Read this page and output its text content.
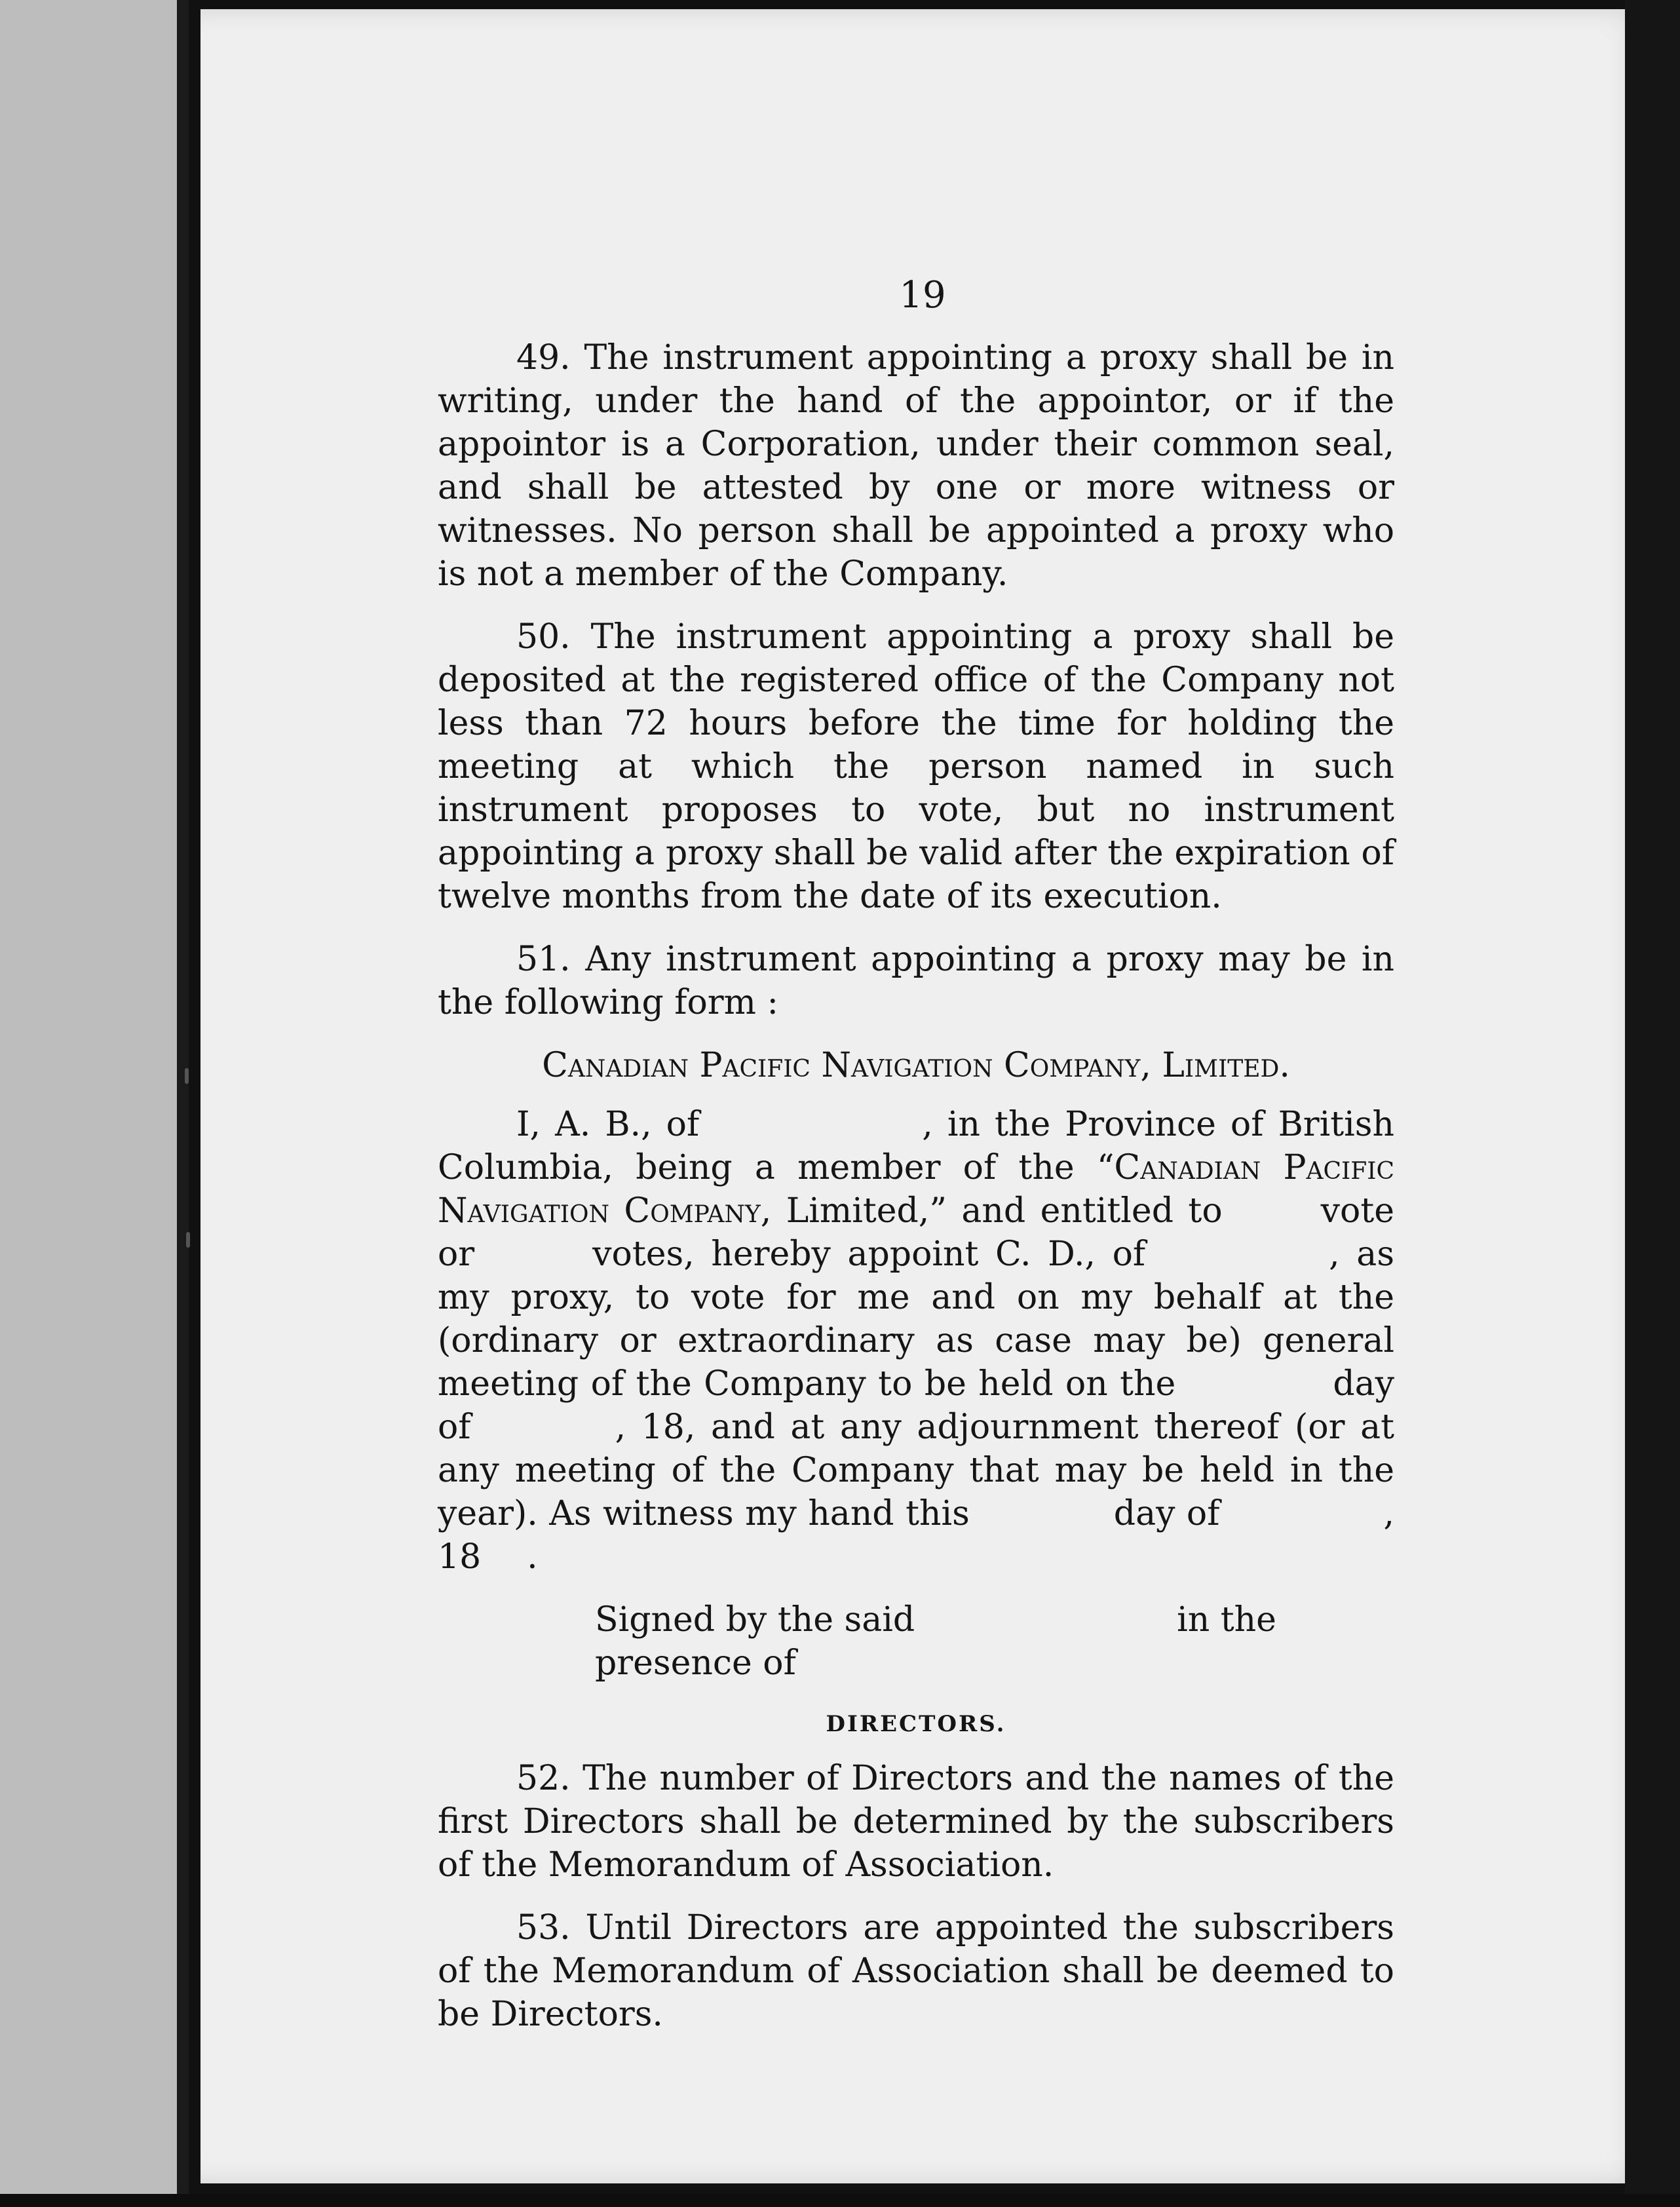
19

49. The instrument appointing a proxy shall be in writing, under the hand of the appointor, or if the appointor is a Corporation, under their common seal, and shall be attested by one or more witness or witnesses. No person shall be appointed a proxy who is not a member of the Company.

50. The instrument appointing a proxy shall be deposited at the registered office of the Company not less than 72 hours before the time for holding the meeting at which the person named in such instrument proposes to vote, but no instrument appointing a proxy shall be valid after the expiration of twelve months from the date of its execution.

51. Any instrument appointing a proxy may be in the following form :

Canadian Pacific Navigation Company, Limited.

I, A. B., of	, in the Province of British Columbia, being a member of the “Canadian Pacific Navigation Company, Limited,” and entitled to	vote or	votes, hereby appoint C. D., of	, as my proxy, to vote for me and on my behalf at the (ordinary or extraordinary as case may be) general meeting of the Company to be held on the	day of	, 18, and at any adjournment thereof (or at any meeting of the Company that may be held in the year). As witness my hand this	day of	, 18 .

Signed by the said	in the presence of

DIRECTORS.

52. The number of Directors and the names of the first Directors shall be determined by the subscribers of the Memorandum of Association.

53. Until Directors are appointed the subscribers of the Memorandum of Association shall be deemed to be Directors.
